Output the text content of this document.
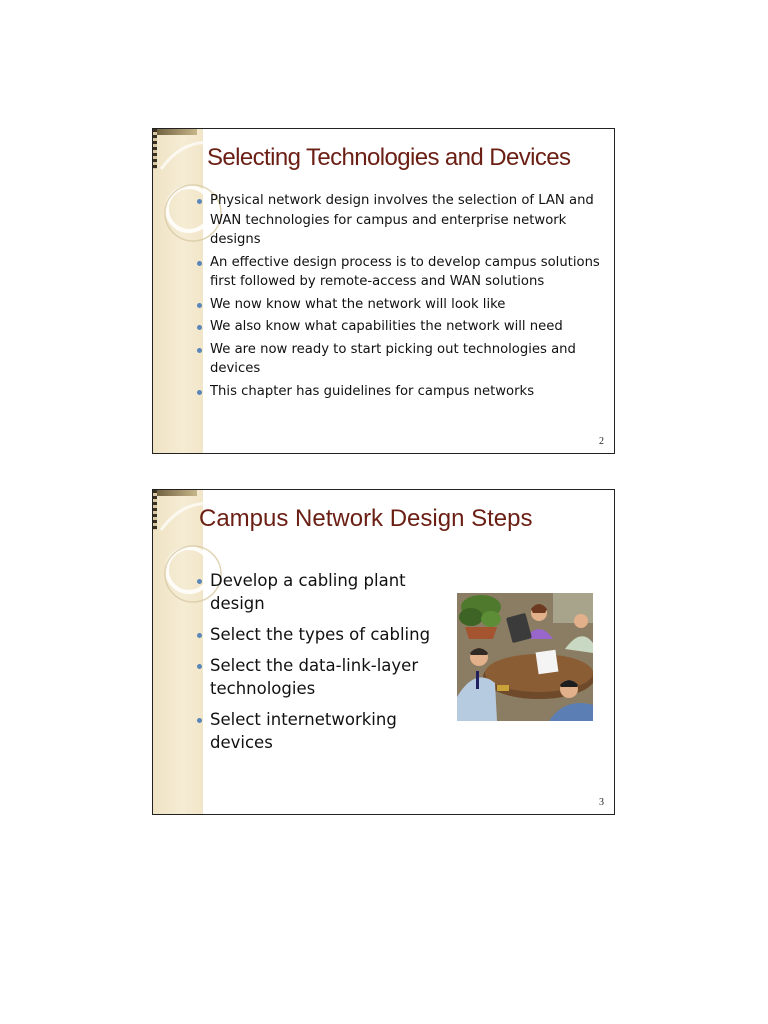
Selecting Technologies and Devices
Physical network design involves the selection of LAN and WAN technologies for campus and enterprise network designs
An effective design process is to develop campus solutions first followed by remote-access and WAN solutions
We now know what the network will look like
We also know what capabilities the network will need
We are now ready to start picking out technologies and devices
This chapter has guidelines for campus networks
2
Campus Network Design Steps
Develop a cabling plant design
Select the types of cabling
Select the data-link-layer technologies
Select internetworking devices
3
